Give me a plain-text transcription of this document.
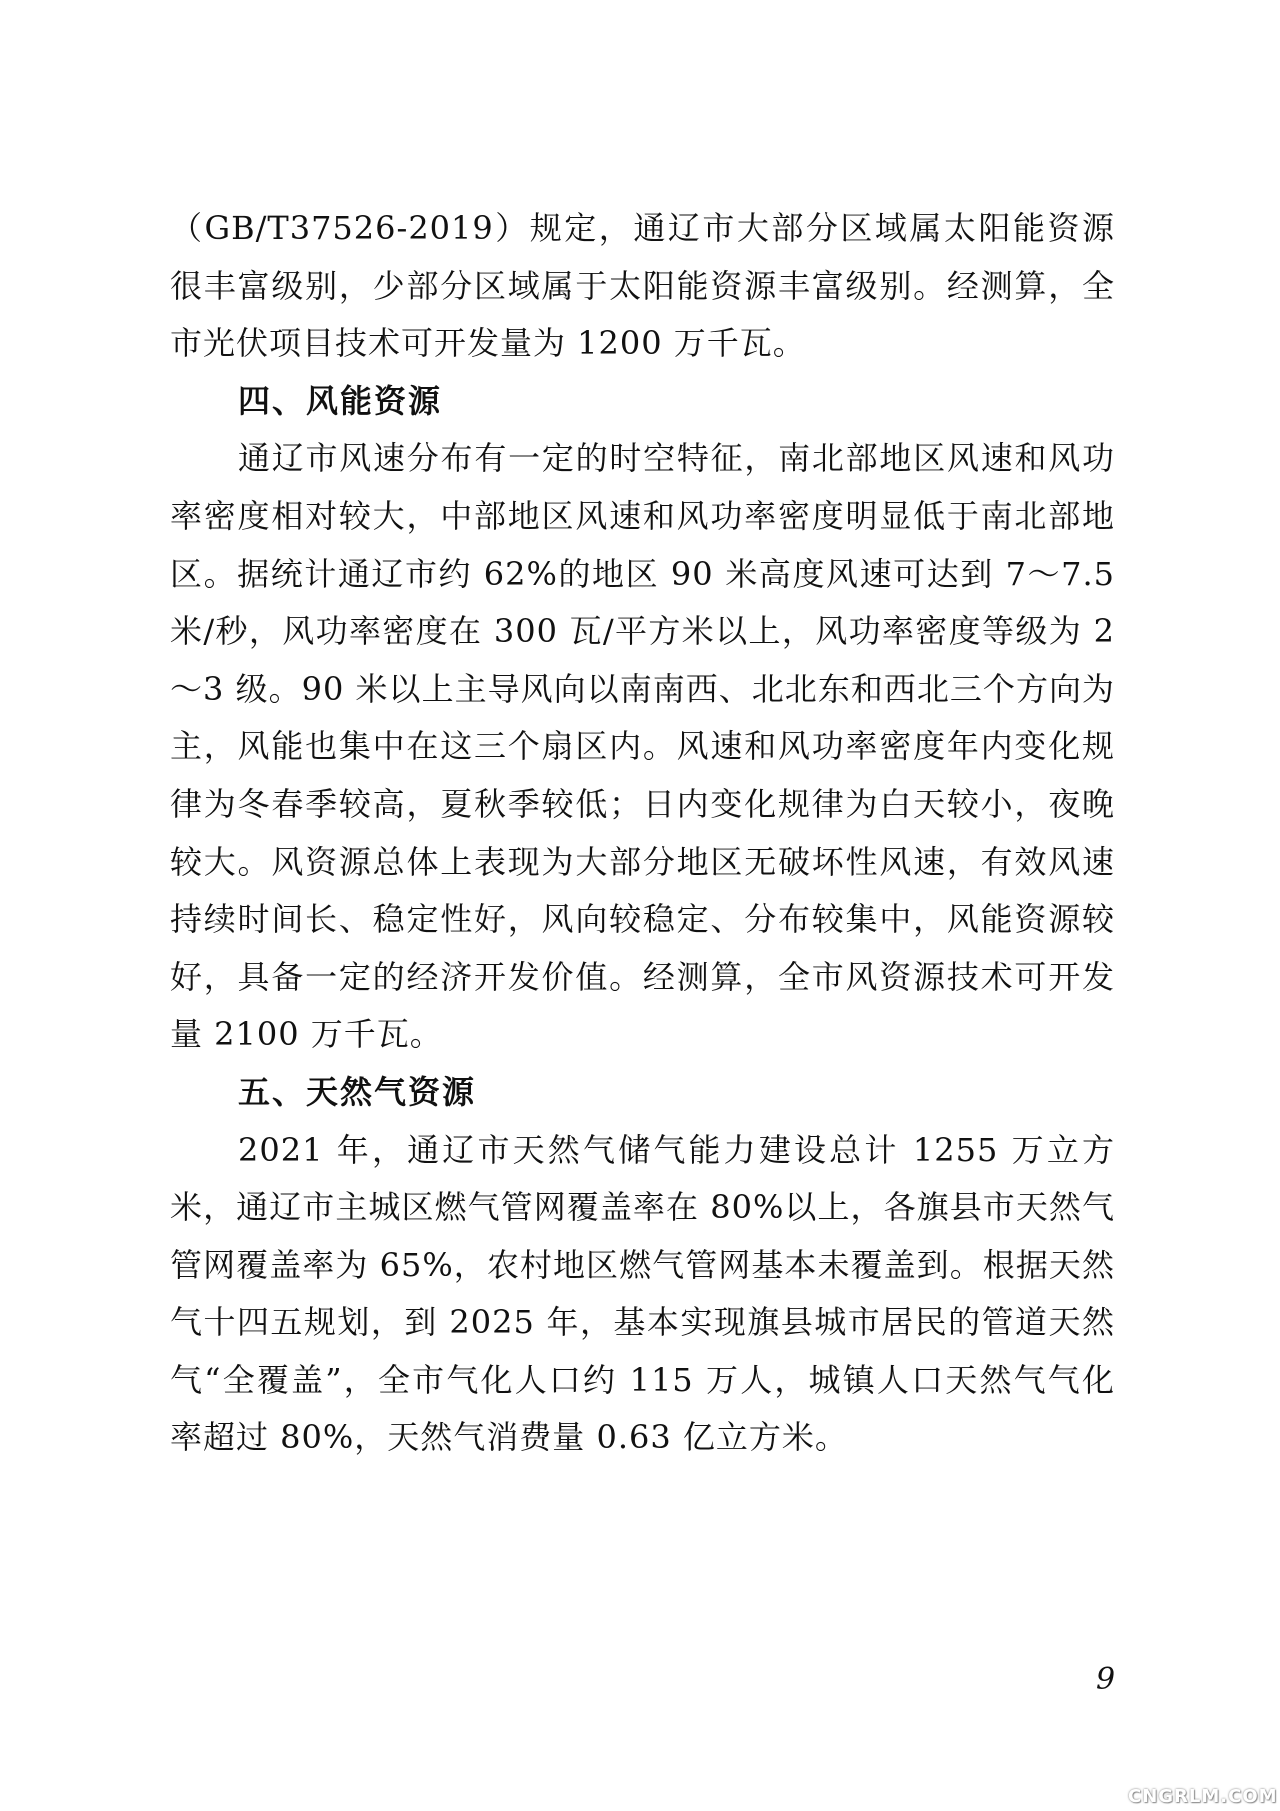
（GB/T37526-2019）规定，通辽市大部分区域属太阳能资源很丰富级别，少部分区域属于太阳能资源丰富级别。经测算，全市光伏项目技术可开发量为 1200 万千瓦。

四、风能资源

通辽市风速分布有一定的时空特征，南北部地区风速和风功率密度相对较大，中部地区风速和风功率密度明显低于南北部地区。据统计通辽市约 62%的地区 90 米高度风速可达到 7～7.5 米/秒，风功率密度在 300 瓦/平方米以上，风功率密度等级为 2～3 级。90 米以上主导风向以南南西、北北东和西北三个方向为主，风能也集中在这三个扇区内。风速和风功率密度年内变化规律为冬春季较高，夏秋季较低；日内变化规律为白天较小，夜晚较大。风资源总体上表现为大部分地区无破坏性风速，有效风速持续时间长、稳定性好，风向较稳定、分布较集中，风能资源较好，具备一定的经济开发价值。经测算，全市风资源技术可开发量 2100 万千瓦。

五、天然气资源

2021 年，通辽市天然气储气能力建设总计 1255 万立方米，通辽市主城区燃气管网覆盖率在 80%以上，各旗县市天然气管网覆盖率为 65%，农村地区燃气管网基本未覆盖到。根据天然气十四五规划，到 2025 年，基本实现旗县城市居民的管道天然气“全覆盖”，全市气化人口约 115 万人，城镇人口天然气气化率超过 80%，天然气消费量 0.63 亿立方米。

9
CNGRLM.COM
